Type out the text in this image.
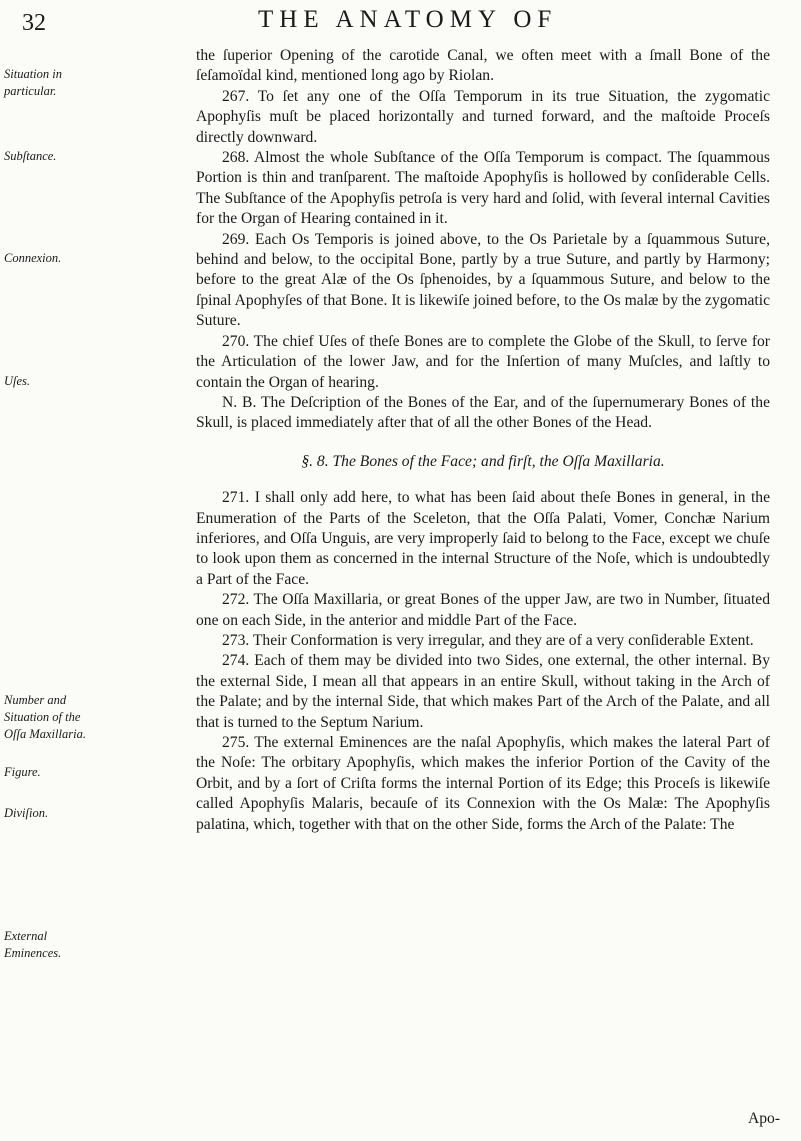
32	THE ANATOMY OF
Situation in particular.
Subſtance.
Connexion.
Uſes.
Number and Situation of the Oſſa Maxillaria.
Figure.
Diviſion.
External Eminences.

the ſuperior Opening of the carotide Canal, we often meet with a ſmall Bone of the ſeſamoïdal kind, mentioned long ago by Riolan.

267. To ſet any one of the Oſſa Temporum in its true Situation, the zygomatic Apophyſis muſt be placed horizontally and turned forward, and the maſtoide Proceſs directly downward.

268. Almost the whole Subſtance of the Oſſa Temporum is compact. The ſquammous Portion is thin and tranſparent. The maſtoide Apophyſis is hollowed by conſiderable Cells. The Subſtance of the Apophyſis petroſa is very hard and ſolid, with ſeveral internal Cavities for the Organ of Hearing contained in it.

269. Each Os Temporis is joined above, to the Os Parietale by a ſquammous Suture, behind and below, to the occipital Bone, partly by a true Suture, and partly by Harmony; before to the great Alæ of the Os ſphenoides, by a ſquammous Suture, and below to the ſpinal Apophyſes of that Bone. It is likewiſe joined before, to the Os malæ by the zygomatic Suture.

270. The chief Uſes of theſe Bones are to complete the Globe of the Skull, to ſerve for the Articulation of the lower Jaw, and for the Inſertion of many Muſcles, and laſtly to contain the Organ of hearing.

N. B. The Deſcription of the Bones of the Ear, and of the ſupernumerary Bones of the Skull, is placed immediately after that of all the other Bones of the Head.

§. 8. The Bones of the Face; and firſt, the Oſſa Maxillaria.

271. I shall only add here, to what has been ſaid about theſe Bones in general, in the Enumeration of the Parts of the Sceleton, that the Oſſa Palati, Vomer, Conchæ Narium inferiores, and Oſſa Unguis, are very improperly ſaid to belong to the Face, except we chuſe to look upon them as concerned in the internal Structure of the Noſe, which is undoubtedly a Part of the Face.

272. The Oſſa Maxillaria, or great Bones of the upper Jaw, are two in Number, ſituated one on each Side, in the anterior and middle Part of the Face.

273. Their Conformation is very irregular, and they are of a very conſiderable Extent.

274. Each of them may be divided into two Sides, one external, the other internal. By the external Side, I mean all that appears in an entire Skull, without taking in the Arch of the Palate; and by the internal Side, that which makes Part of the Arch of the Palate, and all that is turned to the Septum Narium.

275. The external Eminences are the naſal Apophyſis, which makes the lateral Part of the Noſe: The orbitary Apophyſis, which makes the inferior Portion of the Cavity of the Orbit, and by a ſort of Criſta forms the internal Portion of its Edge; this Proceſs is likewiſe called Apophyſis Malaris, becauſe of its Connexion with the Os Malæ: The Apophyſis palatina, which, together with that on the other Side, forms the Arch of the Palate: The

Apo-
